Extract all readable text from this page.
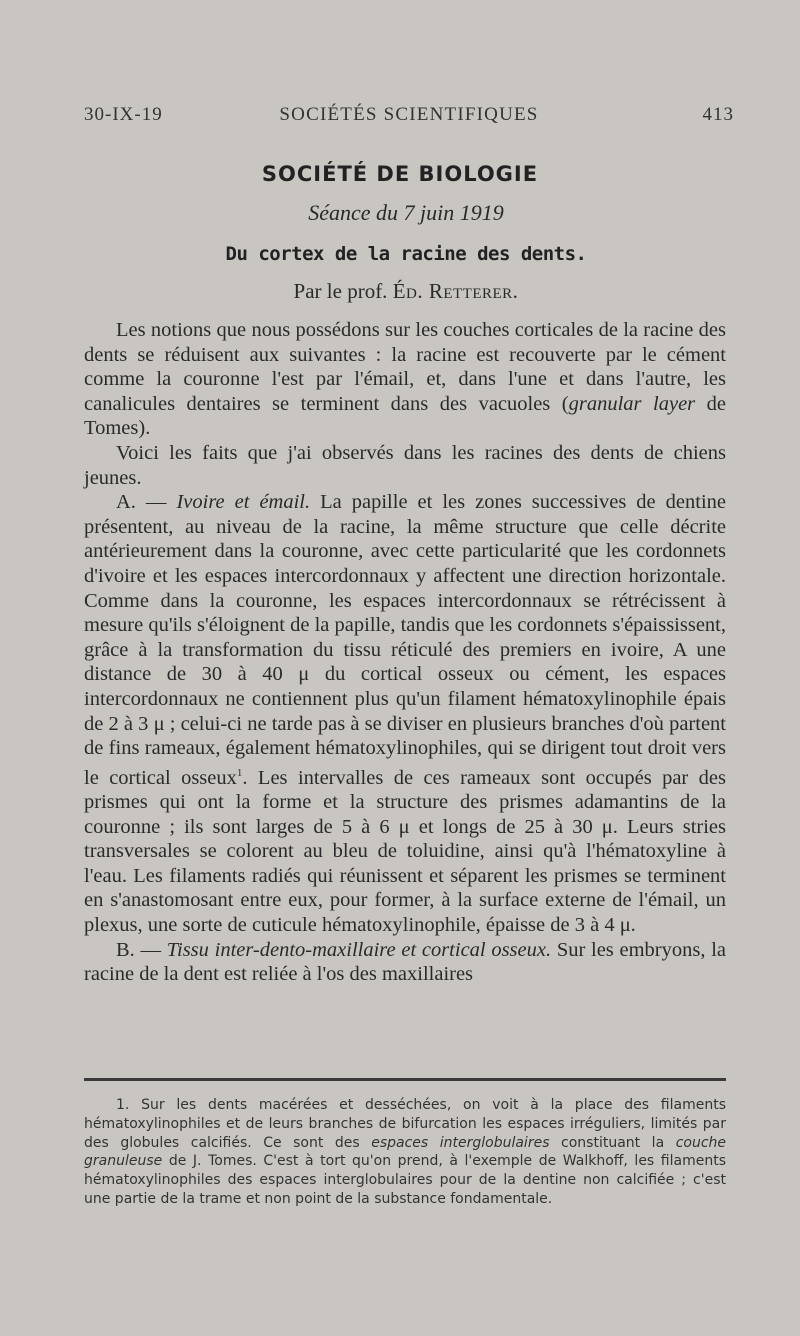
30-IX-19	SOCIÉTÉS SCIENTIFIQUES	413
SOCIÉTÉ DE BIOLOGIE
Séance du 7 juin 1919
Du cortex de la racine des dents.
Par le prof. Éd. Retterer.

Les notions que nous possédons sur les couches corticales de la racine des dents se réduisent aux suivantes : la racine est recouverte par le cément comme la couronne l'est par l'émail, et, dans l'une et dans l'autre, les canalicules dentaires se terminent dans des vacuoles (granular layer de Tomes).

Voici les faits que j'ai observés dans les racines des dents de chiens jeunes.

A. — Ivoire et émail. La papille et les zones successives de dentine présentent, au niveau de la racine, la même structure que celle décrite antérieurement dans la couronne, avec cette particularité que les cordonnets d'ivoire et les espaces intercordonnaux y affectent une direction horizontale. Comme dans la couronne, les espaces intercordonnaux se rétrécissent à mesure qu'ils s'éloignent de la papille, tandis que les cordonnets s'épaississent, grâce à la transformation du tissu réticulé des premiers en ivoire, A une distance de 30 à 40 μ du cortical osseux ou cément, les espaces intercordonnaux ne contiennent plus qu'un filament hématoxylinophile épais de 2 à 3 μ ; celui-ci ne tarde pas à se diviser en plusieurs branches d'où partent de fins rameaux, également hématoxylinophiles, qui se dirigent tout droit vers le cortical osseux$^1$. Les intervalles de ces rameaux sont occupés par des prismes qui ont la forme et la structure des prismes adamantins de la couronne ; ils sont larges de 5 à 6 μ et longs de 25 à 30 μ. Leurs stries transversales se colorent au bleu de toluidine, ainsi qu'à l'hématoxyline à l'eau. Les filaments radiés qui réunissent et séparent les prismes se terminent en s'anastomosant entre eux, pour former, à la surface externe de l'émail, un plexus, une sorte de cuticule hématoxylinophile, épaisse de 3 à 4 μ.

B. — Tissu inter-dento-maxillaire et cortical osseux. Sur les embryons, la racine de la dent est reliée à l'os des maxillaires

1. Sur les dents macérées et desséchées, on voit à la place des filaments hématoxylinophiles et de leurs branches de bifurcation les espaces irréguliers, limités par des globules calcifiés. Ce sont des espaces interglobulaires constituant la couche granuleuse de J. Tomes. C'est à tort qu'on prend, à l'exemple de Walkhoff, les filaments hématoxylinophiles des espaces interglobulaires pour de la dentine non calcifiée ; c'est une partie de la trame et non point de la substance fondamentale.
